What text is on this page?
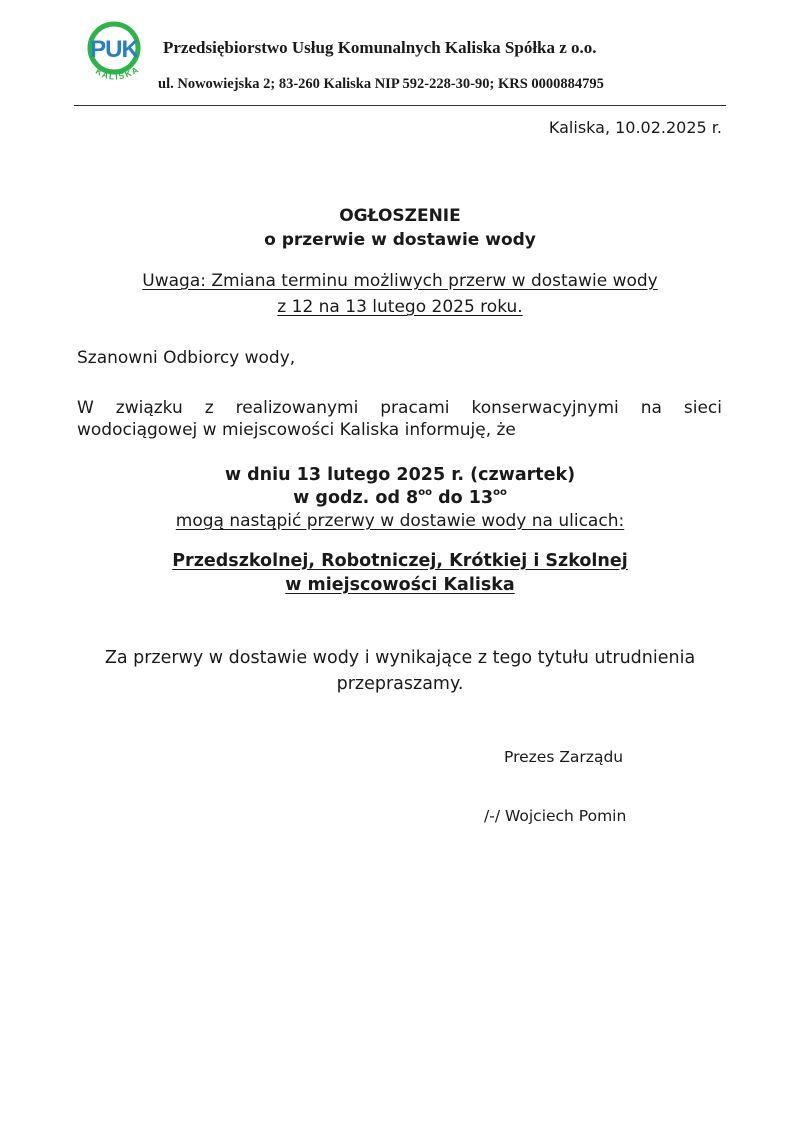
PUK
KALISKA
Przedsiębiorstwo Usług Komunalnych Kaliska Spółka z o.o.
ul. Nowowiejska 2; 83-260 Kaliska NIP 592-228-30-90; KRS 0000884795
Kaliska, 10.02.2025 r.
OGŁOSZENIE
o przerwie w dostawie wody
Uwaga: Zmiana terminu możliwych przerw w dostawie wody
z 12 na 13 lutego 2025 roku.
Szanowni Odbiorcy wody,
W związku z realizowanymi pracami konserwacyjnymi na sieci
wodociągowej w miejscowości Kaliska informuję, że
w dniu 13 lutego 2025 r. (czwartek)
w godz. od $8^{oo}$ do $13^{oo}$
mogą nastąpić przerwy w dostawie wody na ulicach:
Przedszkolnej, Robotniczej, Krótkiej i Szkolnej
w miejscowości Kaliska
Za przerwy w dostawie wody i wynikające z tego tytułu utrudnienia
przepraszamy.
Prezes Zarządu
/-/ Wojciech Pomin
